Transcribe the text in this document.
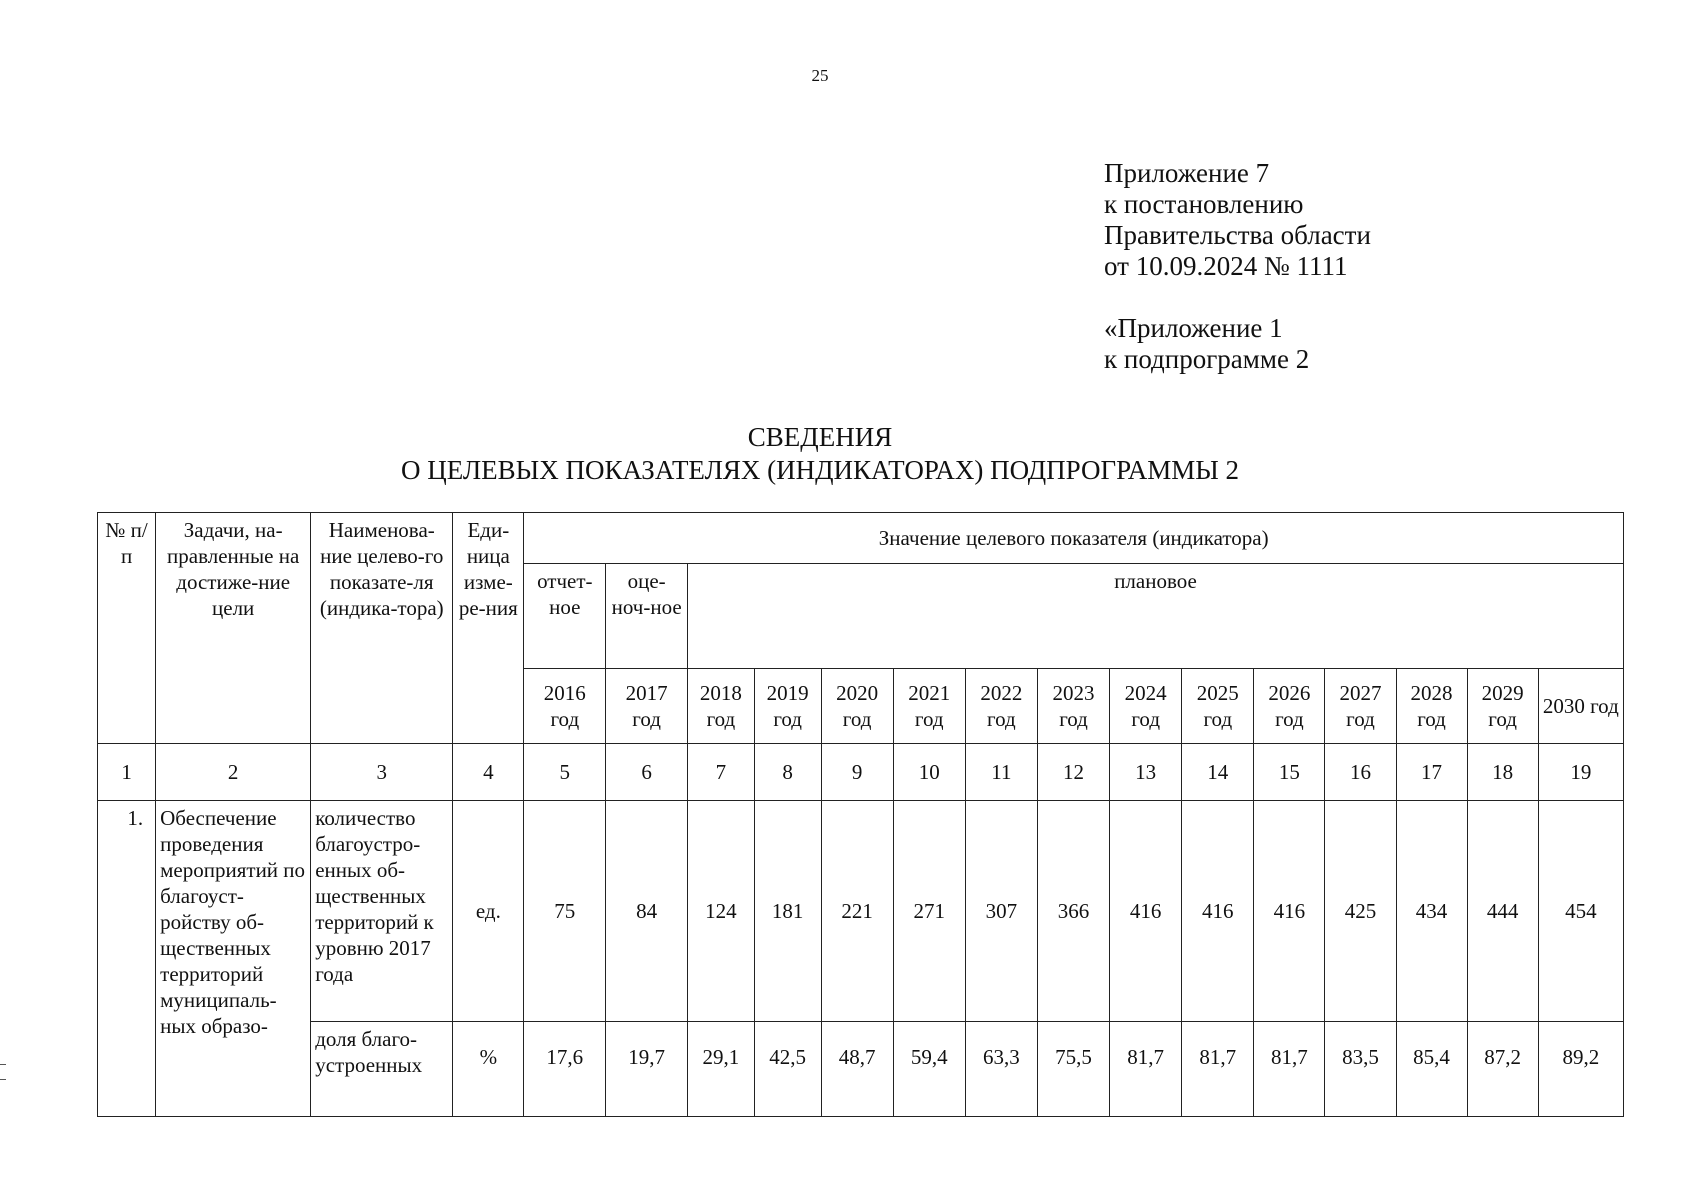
25
Приложение 7
к постановлению
Правительства области
от 10.09.2024 № 1111
«Приложение 1
к подпрограмме 2
СВЕДЕНИЯ
О ЦЕЛЕВЫХ ПОКАЗАТЕЛЯХ (ИНДИКАТОРАХ) ПОДПРОГРАММЫ 2
№ п/п	Задачи, на-правленные на достиже-ние цели	Наименова-ние целево-го показате-ля (индика-тора)	Еди-ница изме-ре-ния	Значение целевого показателя (индикатора)														
				отчет-ное	оце-ноч-ное	плановое												
				2016 год	2017 год	2018 год	2019 год	2020 год	2021 год	2022 год	2023 год	2024 год	2025 год	2026 год	2027 год	2028 год	2029 год	2030 год
1	2	3	4	5	6	7	8	9	10	11	12	13	14	15	16	17	18	19
1.	Обеспечение проведения мероприятий по благоуст-ройству об-щественных территорий муниципаль-ных образо-	количество благоустро-енных об-щественных территорий к уровню 2017 года	ед.	75	84	124	181	221	271	307	366	416	416	416	425	434	444	454
		доля благо-устроенных	%	17,6	19,7	29,1	42,5	48,7	59,4	63,3	75,5	81,7	81,7	81,7	83,5	85,4	87,2	89,2
